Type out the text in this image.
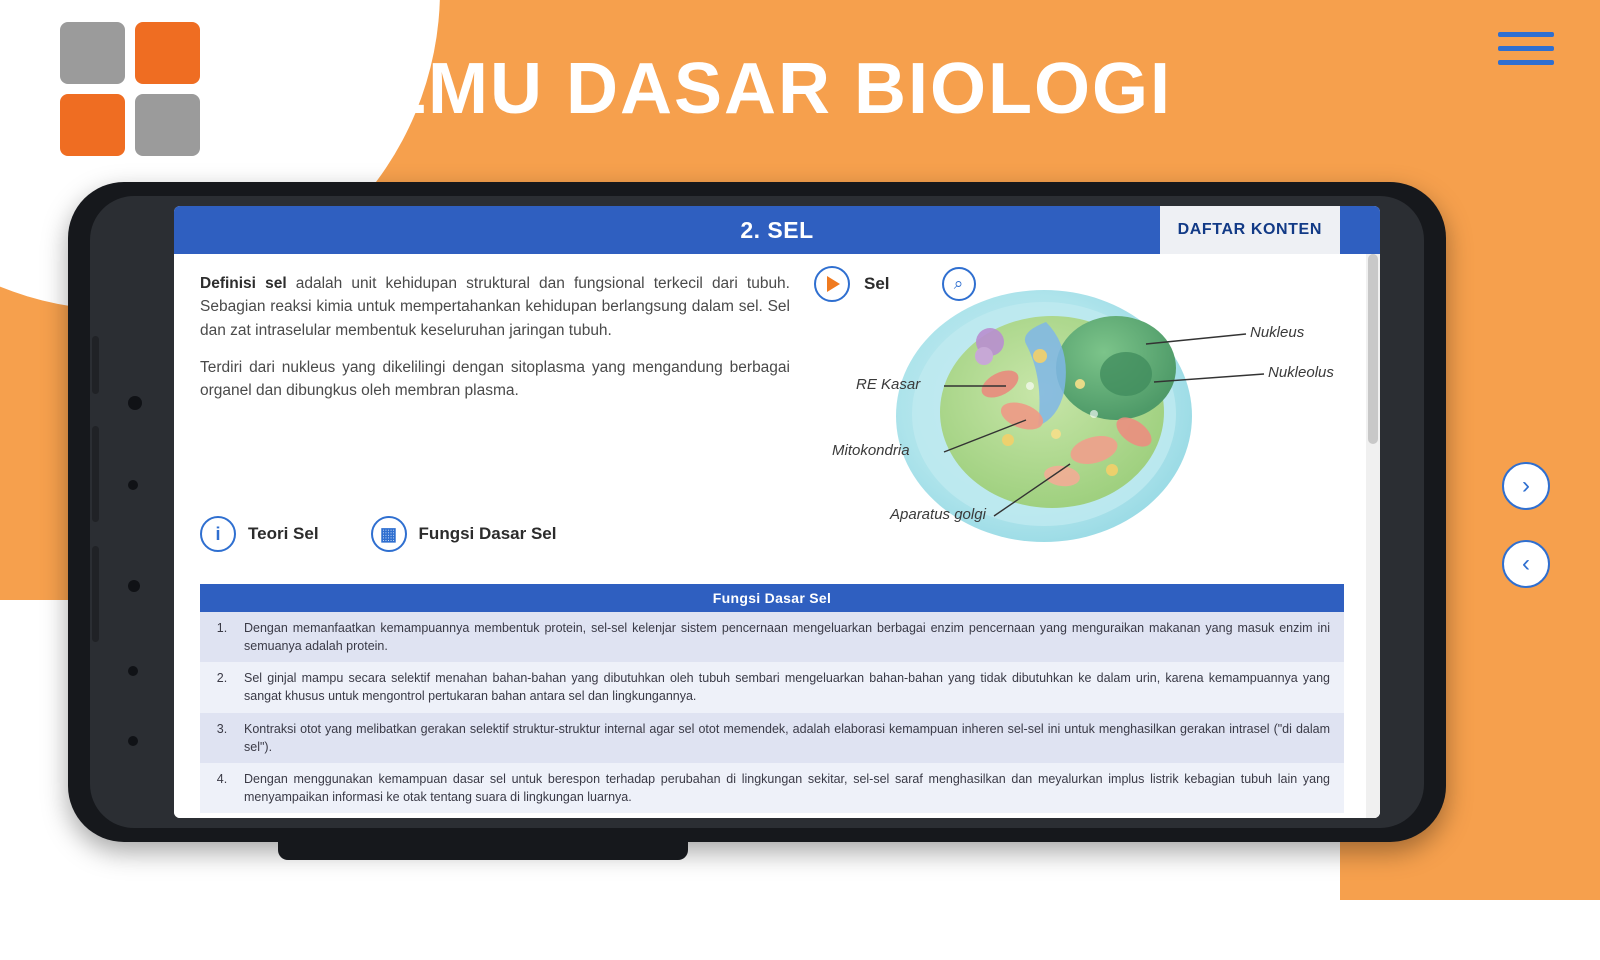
ILMU DASAR BIOLOGI
2. SEL	DAFTAR KONTEN

Definisi sel adalah unit kehidupan struktural dan fungsional terkecil dari tubuh. Sebagian reaksi kimia untuk mempertahankan kehidupan berlangsung dalam sel. Sel dan zat intraselular membentuk keseluruhan jaringan tubuh.

Terdiri dari nukleus yang dikelilingi dengan sitoplasma yang mengandung berbagai organel dan dibungkus oleh membran plasma.

i	Teori Sel	▦	Fungsi Dasar Sel
Sel	⌕
Nukleus
Nukleolus
RE Kasar
Mitokondria
Aparatus golgi
Fungsi Dasar Sel
1.	Dengan memanfaatkan kemampuannya membentuk protein, sel-sel kelenjar sistem pencernaan mengeluarkan berbagai enzim pencernaan yang menguraikan makanan yang masuk enzim ini semuanya adalah protein.
2.	Sel ginjal mampu secara selektif menahan bahan-bahan yang dibutuhkan oleh tubuh sembari mengeluarkan bahan-bahan yang tidak dibutuhkan ke dalam urin, karena kemampuannya yang sangat khusus untuk mengontrol pertukaran bahan antara sel dan lingkungannya.
3.	Kontraksi otot yang melibatkan gerakan selektif struktur-struktur internal agar sel otot memendek, adalah elaborasi kemampuan inheren sel-sel ini untuk menghasilkan gerakan intrasel ("di dalam sel").
4.	Dengan menggunakan kemampuan dasar sel untuk berespon terhadap perubahan di lingkungan sekitar, sel-sel saraf menghasilkan dan meyalurkan implus listrik kebagian tubuh lain yang menyampaikan informasi ke otak tentang suara di lingkungan luarnya.
›
‹
